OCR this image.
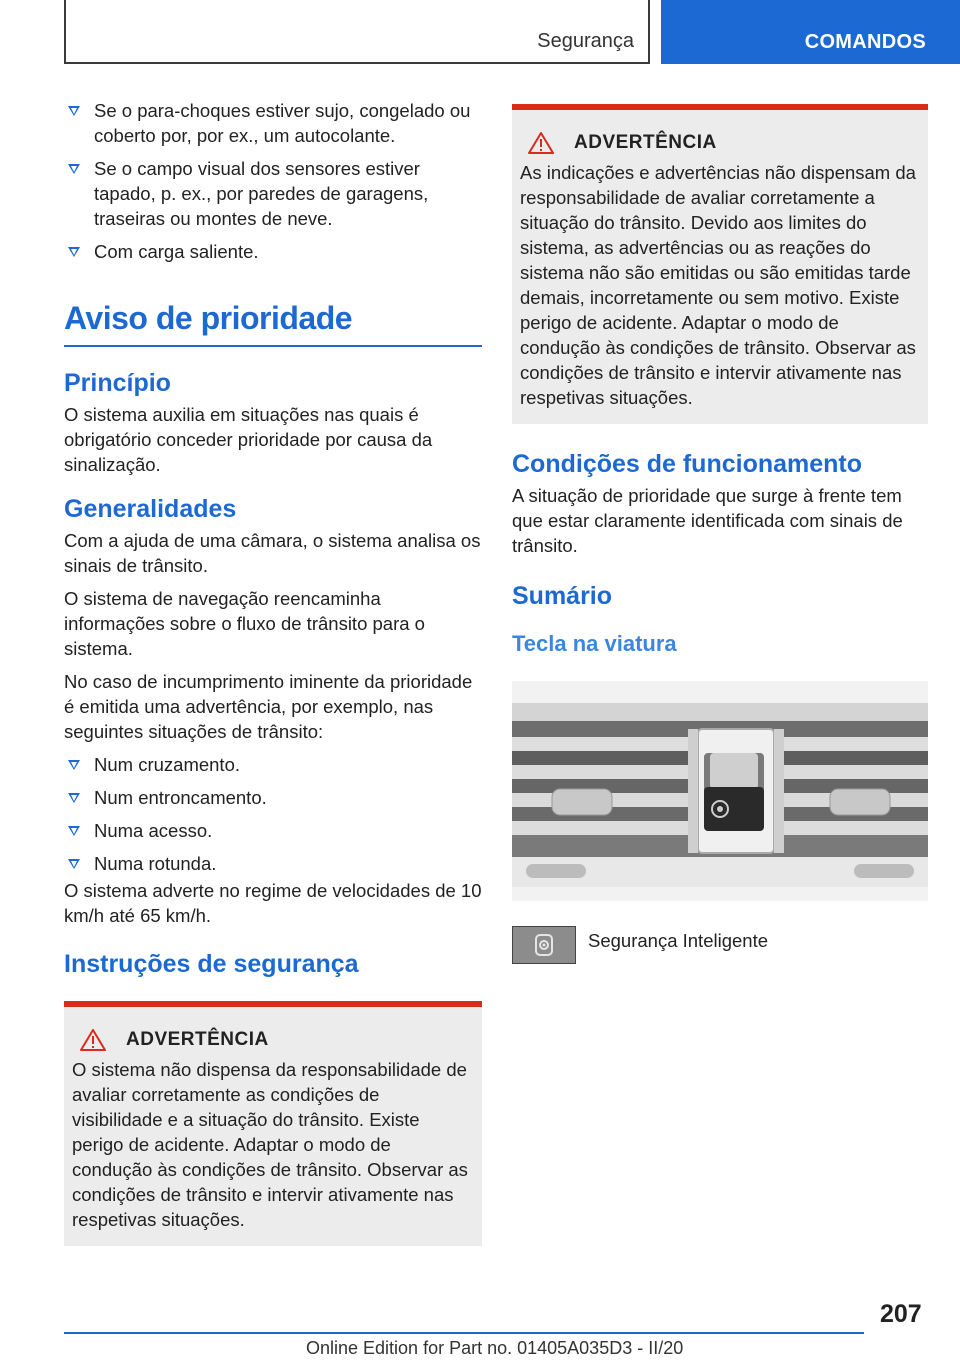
Segurança	COMANDOS
Se o para-choques estiver sujo, congelado ou coberto por, por ex., um autocolante.
Se o campo visual dos sensores estiver tapado, p. ex., por paredes de garagens, traseiras ou montes de neve.
Com carga saliente.
Aviso de prioridade
Princípio

O sistema auxilia em situações nas quais é obrigatório conceder prioridade por causa da sinalização.

Generalidades

Com a ajuda de uma câmara, o sistema analisa os sinais de trânsito.

O sistema de navegação reencaminha informações sobre o fluxo de trânsito para o sistema.

No caso de incumprimento iminente da prioridade é emitida uma advertência, por exemplo, nas seguintes situações de trânsito:

Num cruzamento.
Num entroncamento.
Numa acesso.
Numa rotunda.

O sistema adverte no regime de velocidades de 10 km/h até 65 km/h.

Instruções de segurança
ADVERTÊNCIA

O sistema não dispensa da responsabilidade de avaliar corretamente as condições de visibilidade e a situação do trânsito. Existe perigo de acidente. Adaptar o modo de condução às condições de trânsito. Observar as condições de trânsito e intervir ativamente nas respetivas situações.

ADVERTÊNCIA

As indicações e advertências não dispensam da responsabilidade de avaliar corretamente a situação do trânsito. Devido aos limites do sistema, as advertências ou as reações do sistema não são emitidas ou são emitidas tarde demais, incorretamente ou sem motivo. Existe perigo de acidente. Adaptar o modo de condução às condições de trânsito. Observar as condições de trânsito e intervir ativamente nas respetivas situações.

Condições de funcionamento

A situação de prioridade que surge à frente tem que estar claramente identificada com sinais de trânsito.

Sumário
Tecla na viatura
Segurança Inteligente
207
Online Edition for Part no. 01405A035D3 - II/20
